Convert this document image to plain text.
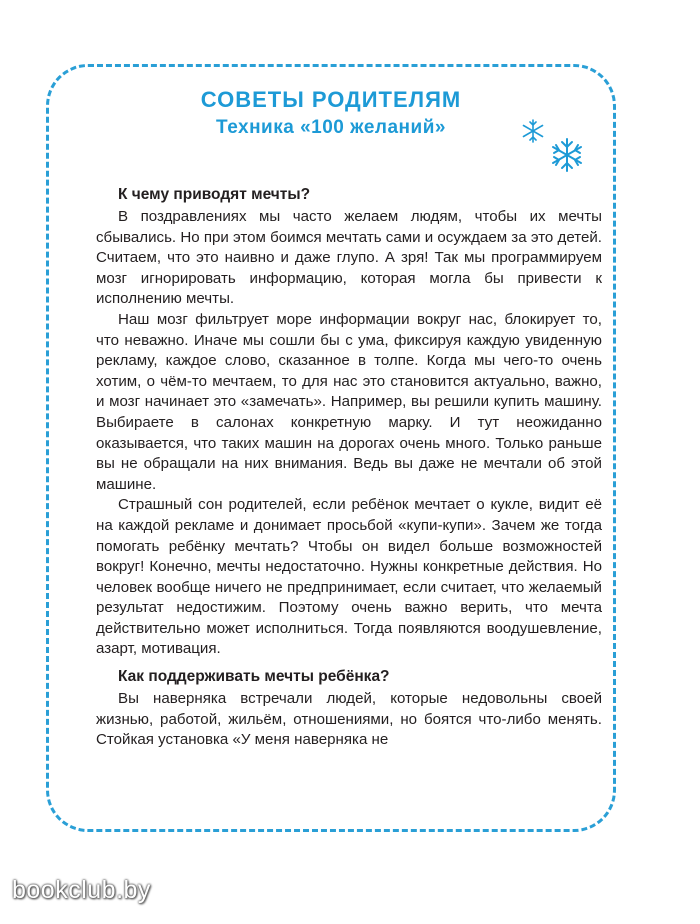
СОВЕТЫ РОДИТЕЛЯМ
Техника «100 желаний»
К чему приводят мечты?

В поздравлениях мы часто желаем людям, чтобы их мечты сбывались. Но при этом боимся мечтать сами и осуждаем за это детей. Считаем, что это наивно и даже глупо. А зря! Так мы программируем мозг игнорировать информацию, которая могла бы привести к исполнению мечты.

Наш мозг фильтрует море информации вокруг нас, блокирует то, что неважно. Иначе мы сошли бы с ума, фиксируя каждую увиденную рекламу, каждое слово, сказанное в толпе. Когда мы чего-то очень хотим, о чём-то мечтаем, то для нас это становится актуально, важно, и мозг начинает это «замечать». Например, вы решили купить машину. Выбираете в салонах конкретную марку. И тут неожиданно оказывается, что таких машин на дорогах очень много. Только раньше вы не обращали на них внимания. Ведь вы даже не мечтали об этой машине.

Страшный сон родителей, если ребёнок мечтает о кукле, видит её на каждой рекламе и донимает просьбой «купи-купи». Зачем же тогда помогать ребёнку мечтать? Чтобы он видел больше возможностей вокруг! Конечно, мечты недостаточно. Нужны конкретные действия. Но человек вообще ничего не предпринимает, если считает, что желаемый результат недостижим. Поэтому очень важно верить, что мечта действительно может исполниться. Тогда появляются воодушевление, азарт, мотивация.

Как поддерживать мечты ребёнка?

Вы наверняка встречали людей, которые недовольны своей жизнью, работой, жильём, отношениями, но боятся что-либо менять. Стойкая установка «У меня наверняка не

bookclub.by
